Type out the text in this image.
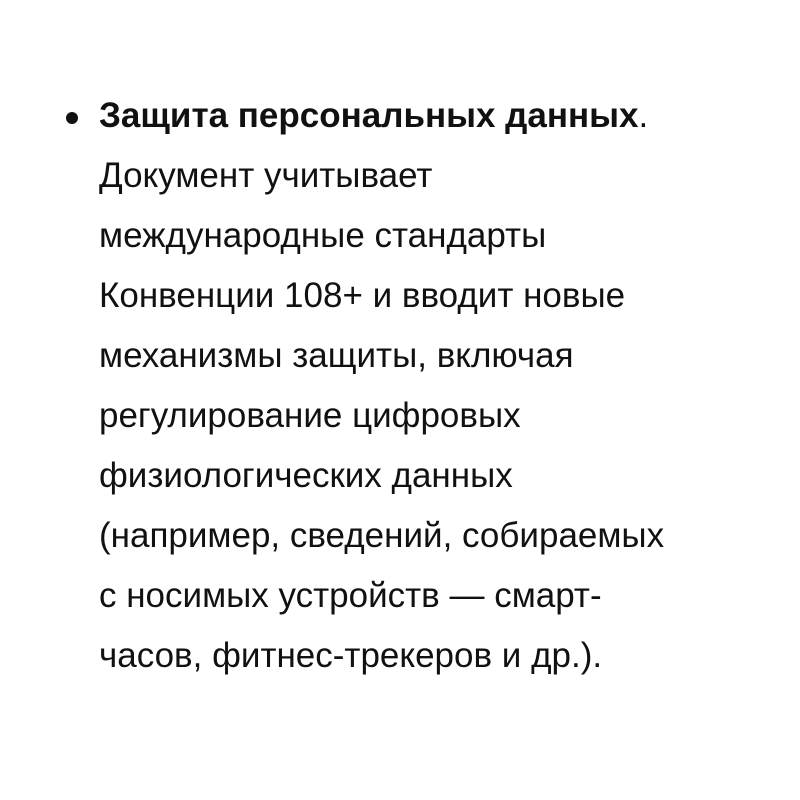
Защита персональных данных.
Документ учитывает
международные стандарты
Конвенции 108+ и вводит новые
механизмы защиты, включая
регулирование цифровых
физиологических данных
(например, сведений, собираемых
с носимых устройств — смарт-
часов, фитнес-трекеров и др.).
